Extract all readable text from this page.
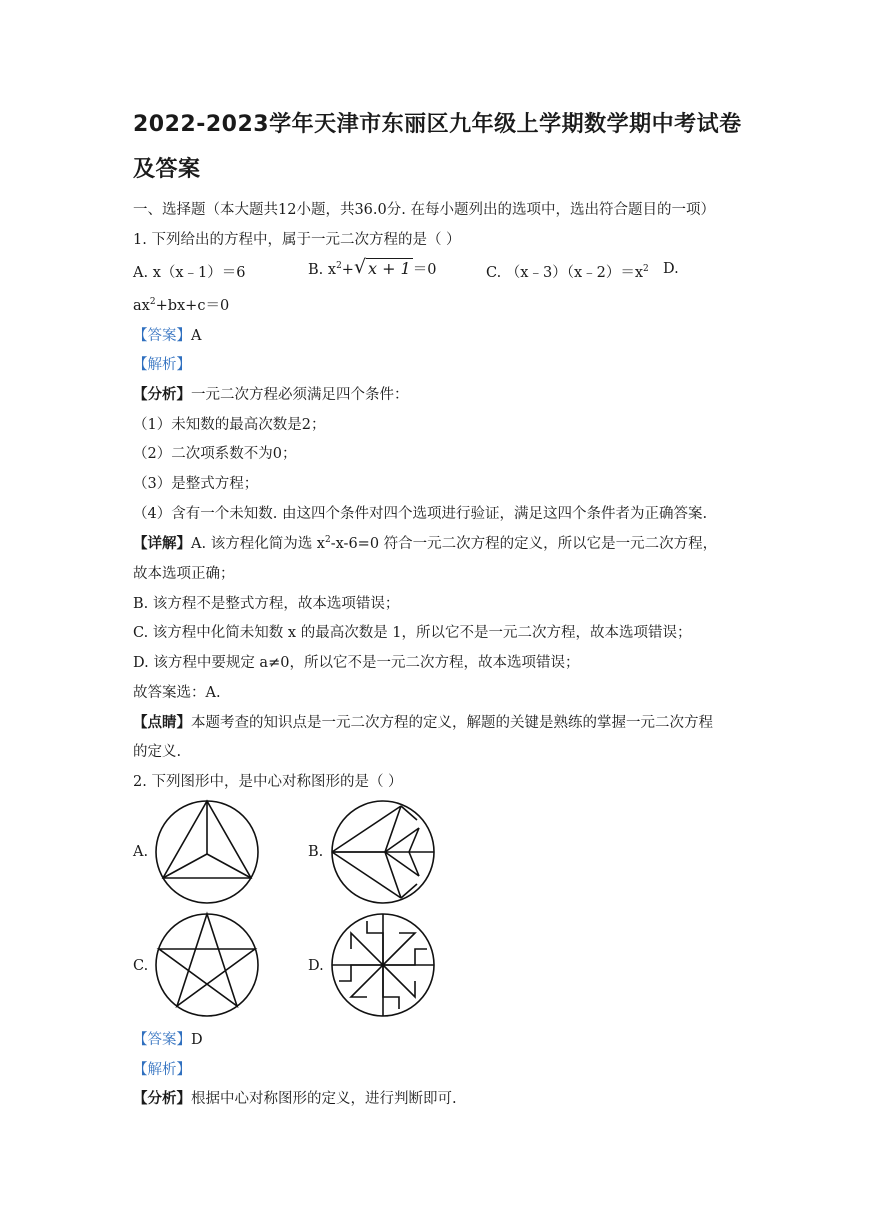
2022-2023学年天津市东丽区九年级上学期数学期中考试卷
及答案
一、选择题（本大题共12小题，共36.0分. 在每小题列出的选项中，选出符合题目的一项）
1. 下列给出的方程中，属于一元二次方程的是（ ）
A. x（x﹣1）＝6	B. $x^2+√$ x + 1 ＝0	C. $(x﹣3)(x﹣2)=x^2$ D.
$ax^2+bx+c=0$
【答案】A
【解析】
【分析】一元二次方程必须满足四个条件：
（1）未知数的最高次数是2；
（2）二次项系数不为0；
（3）是整式方程；
（4）含有一个未知数. 由这四个条件对四个选项进行验证，满足这四个条件者为正确答案.
【详解】A. 该方程化简为选 $x^2-x-6=0$ 符合一元二次方程的定义，所以它是一元二次方程，
故本选项正确；
B. 该方程不是整式方程，故本选项错误；
C. 该方程中化简未知数 x 的最高次数是 1，所以它不是一元二次方程，故本选项错误；
D. 该方程中要规定 a≠0，所以它不是一元二次方程，故本选项错误；
故答案选：A.
【点睛】本题考查的知识点是一元二次方程的定义，解题的关键是熟练的掌握一元二次方程
的定义.
2. 下列图形中，是中心对称图形的是（ ）
A.	B.
C.	D.
【答案】D
【解析】
【分析】根据中心对称图形的定义，进行判断即可.
